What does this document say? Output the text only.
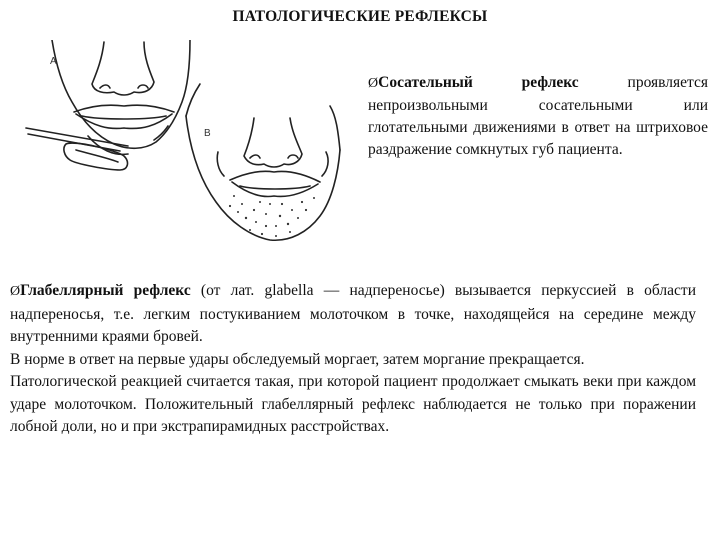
ПАТОЛОГИЧЕСКИЕ РЕФЛЕКСЫ
A
B
ØСосательный рефлекс проявляется непроизвольными сосательными или глотательными движениями в ответ на штриховое раздражение сомкнутых губ пациента.

ØГлабеллярный рефлекс (от лат. glabella — надпереносье) вызывается перкуссией в области надпереносья, т.е. легким постукиванием молоточком в точке, находящейся на середине между внутренними краями бровей.

В норме в ответ на первые удары обследуемый моргает, затем моргание прекращается.

Патологической реакцией считается такая, при которой пациент продолжает смыкать веки при каждом ударе молоточком. Положительный глабеллярный рефлекс наблюдается не только при поражении лобной доли, но и при экстрапирамидных расстройствах.
